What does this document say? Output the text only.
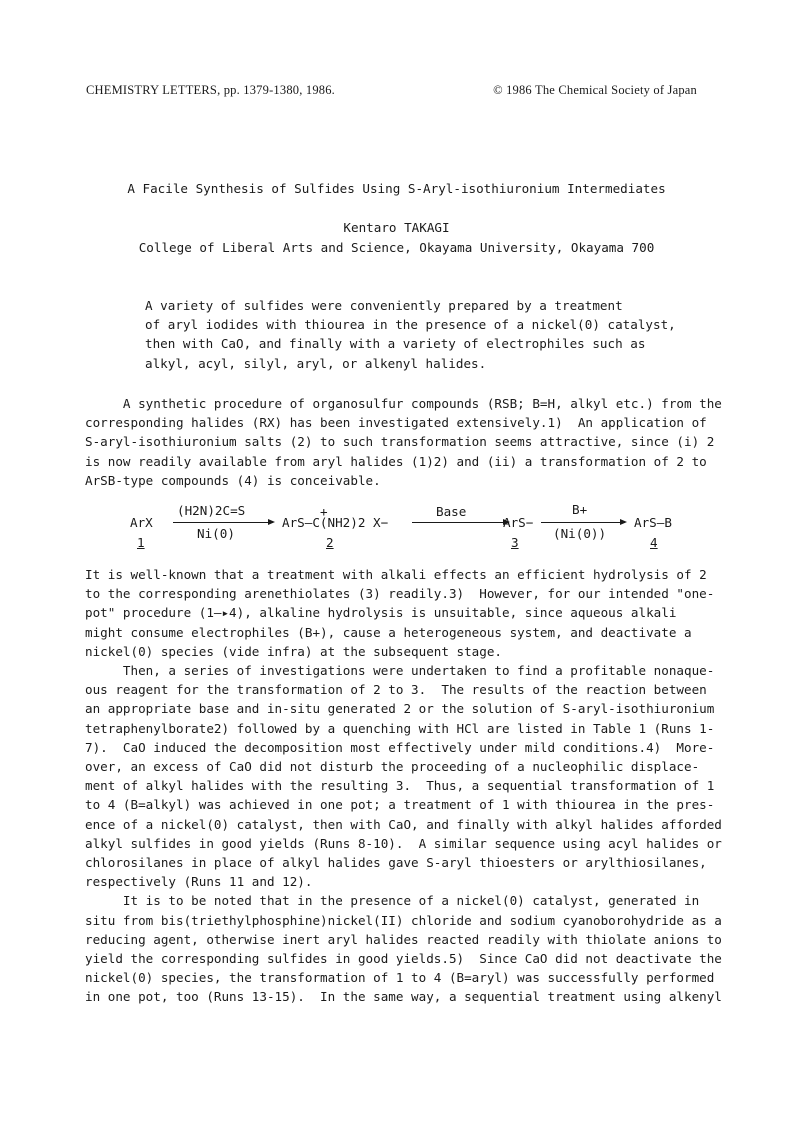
CHEMISTRY LETTERS, pp. 1379-1380, 1986.	© 1986 The Chemical Society of Japan
A Facile Synthesis of Sulfides Using S-Aryl-isothiuronium Intermediates
Kentaro TAKAGI
College of Liberal Arts and Science, Okayama University, Okayama 700
A variety of sulfides were conveniently prepared by a treatment
of aryl iodides with thiourea in the presence of a nickel(0) catalyst,
then with CaO, and finally with a variety of electrophiles such as
alkyl, acyl, silyl, aryl, or alkenyl halides.
A synthetic procedure of organosulfur compounds (RSB; B=H, alkyl etc.) from the
corresponding halides (RX) has been investigated extensively.1)  An application of
S-aryl-isothiuronium salts (2) to such transformation seems attractive, since (i) 2
is now readily available from aryl halides (1)2) and (ii) a transformation of 2 to
ArSB-type compounds (4) is conceivable.
ArX
1
(H2N)2C=S
Ni(0)
+
ArS—C(NH2)2 X−
2
Base
ArS−
3
B+
(Ni(0))
ArS—B
4
It is well-known that a treatment with alkali effects an efficient hydrolysis of 2
to the corresponding arenethiolates (3) readily.3)  However, for our intended "one-
pot" procedure (1—▸4), alkaline hydrolysis is unsuitable, since aqueous alkali
might consume electrophiles (B+), cause a heterogeneous system, and deactivate a
nickel(0) species (vide infra) at the subsequent stage.
Then, a series of investigations were undertaken to find a profitable nonaque-
ous reagent for the transformation of 2 to 3.  The results of the reaction between
an appropriate base and in-situ generated 2 or the solution of S-aryl-isothiuronium
tetraphenylborate2) followed by a quenching with HCl are listed in Table 1 (Runs 1-
7).  CaO induced the decomposition most effectively under mild conditions.4)  More-
over, an excess of CaO did not disturb the proceeding of a nucleophilic displace-
ment of alkyl halides with the resulting 3.  Thus, a sequential transformation of 1
to 4 (B=alkyl) was achieved in one pot; a treatment of 1 with thiourea in the pres-
ence of a nickel(0) catalyst, then with CaO, and finally with alkyl halides afforded
alkyl sulfides in good yields (Runs 8-10).  A similar sequence using acyl halides or
chlorosilanes in place of alkyl halides gave S-aryl thioesters or arylthiosilanes,
respectively (Runs 11 and 12).
It is to be noted that in the presence of a nickel(0) catalyst, generated in
situ from bis(triethylphosphine)nickel(II) chloride and sodium cyanoborohydride as a
reducing agent, otherwise inert aryl halides reacted readily with thiolate anions to
yield the corresponding sulfides in good yields.5)  Since CaO did not deactivate the
nickel(0) species, the transformation of 1 to 4 (B=aryl) was successfully performed
in one pot, too (Runs 13-15).  In the same way, a sequential treatment using alkenyl
